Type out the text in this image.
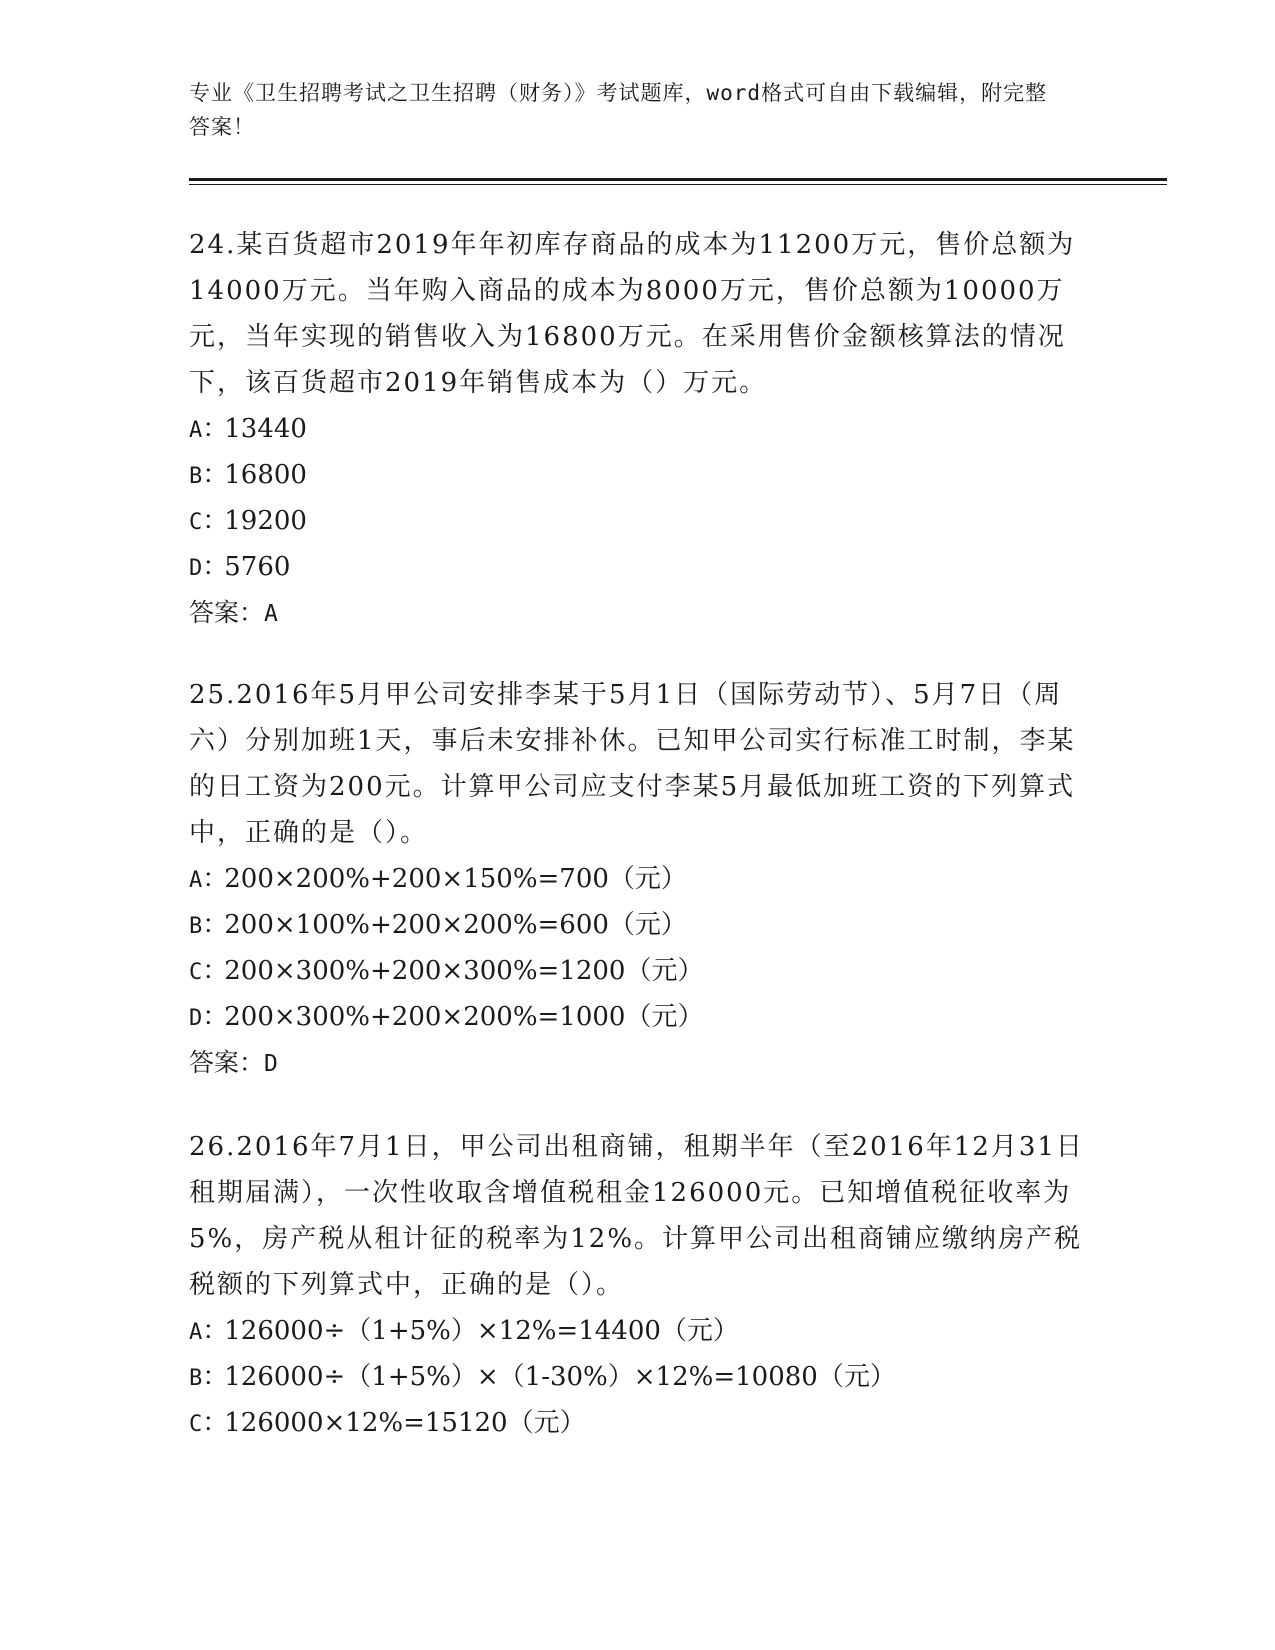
专业《卫生招聘考试之卫生招聘（财务）》考试题库，word格式可自由下载编辑，附完整答案！
24.某百货超市2019年年初库存商品的成本为11200万元，售价总额为14000万元。当年购入商品的成本为8000万元，售价总额为10000万元，当年实现的销售收入为16800万元。在采用售价金额核算法的情况下，该百货超市2019年销售成本为（）万元。
A：13440
B：16800
C：19200
D：5760
答案：A
25.2016年5月甲公司安排李某于5月1日（国际劳动节）、5月7日（周六）分别加班1天，事后未安排补休。已知甲公司实行标准工时制，李某的日工资为200元。计算甲公司应支付李某5月最低加班工资的下列算式中，正确的是（）。
A：200×200%+200×150%=700（元）
B：200×100%+200×200%=600（元）
C：200×300%+200×300%=1200（元）
D：200×300%+200×200%=1000（元）
答案：D
26.2016年7月1日，甲公司出租商铺，租期半年（至2016年12月31日租期届满），一次性收取含增值税租金126000元。已知增值税征收率为5%，房产税从租计征的税率为12%。计算甲公司出租商铺应缴纳房产税税额的下列算式中，正确的是（）。
A：126000÷（1+5%）×12%=14400（元）
B：126000÷（1+5%）×（1-30%）×12%=10080（元）
C：126000×12%=15120（元）
